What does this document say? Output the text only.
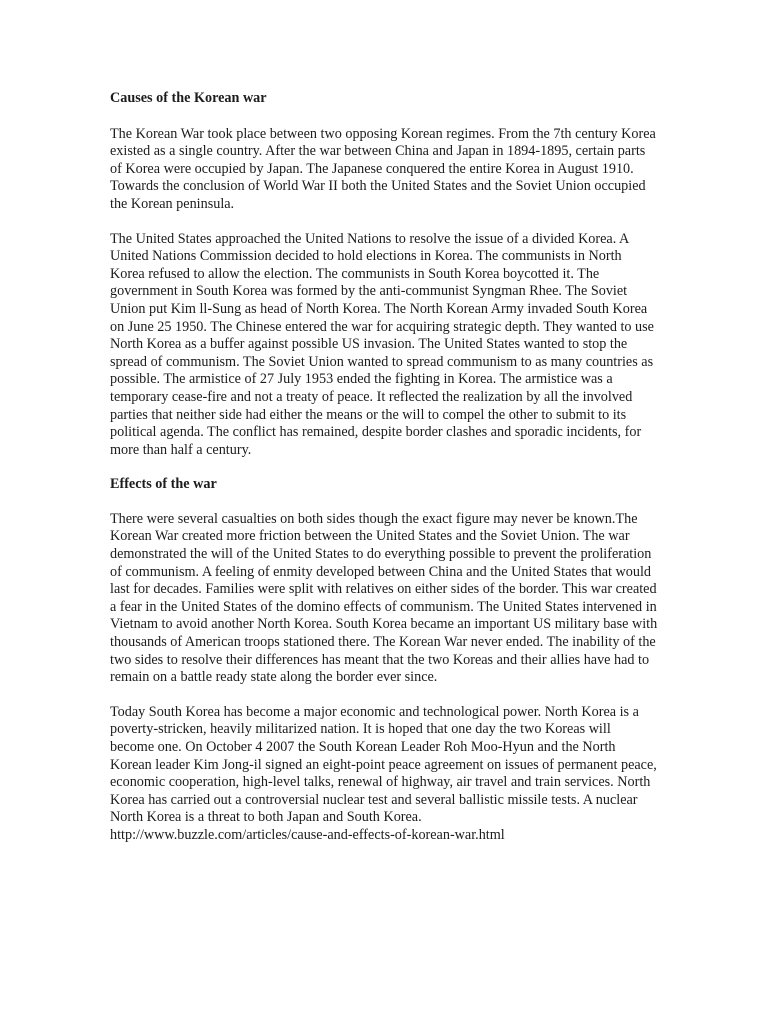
Causes of the Korean war

The Korean War took place between two opposing Korean regimes. From the 7th century Korea existed as a single country. After the war between China and Japan in 1894-1895, certain parts of Korea were occupied by Japan. The Japanese conquered the entire Korea in August 1910. Towards the conclusion of World War II both the United States and the Soviet Union occupied the Korean peninsula.

The United States approached the United Nations to resolve the issue of a divided Korea. A United Nations Commission decided to hold elections in Korea. The communists in North Korea refused to allow the election. The communists in South Korea boycotted it. The government in South Korea was formed by the anti-communist Syngman Rhee. The Soviet Union put Kim ll-Sung as head of North Korea. The North Korean Army invaded South Korea on June 25 1950. The Chinese entered the war for acquiring strategic depth. They wanted to use North Korea as a buffer against possible US invasion. The United States wanted to stop the spread of communism. The Soviet Union wanted to spread communism to as many countries as possible. The armistice of 27 July 1953 ended the fighting in Korea. The armistice was a temporary cease-fire and not a treaty of peace. It reflected the realization by all the involved parties that neither side had either the means or the will to compel the other to submit to its political agenda. The conflict has remained, despite border clashes and sporadic incidents, for more than half a century.

Effects of the war

There were several casualties on both sides though the exact figure may never be known.The Korean War created more friction between the United States and the Soviet Union. The war demonstrated the will of the United States to do everything possible to prevent the proliferation of communism. A feeling of enmity developed between China and the United States that would last for decades. Families were split with relatives on either sides of the border. This war created a fear in the United States of the domino effects of communism. The United States intervened in Vietnam to avoid another North Korea. South Korea became an important US military base with thousands of American troops stationed there. The Korean War never ended. The inability of the two sides to resolve their differences has meant that the two Koreas and their allies have had to remain on a battle ready state along the border ever since.

Today South Korea has become a major economic and technological power. North Korea is a poverty-stricken, heavily militarized nation. It is hoped that one day the two Koreas will become one. On October 4 2007 the South Korean Leader Roh Moo-Hyun and the North Korean leader Kim Jong-il signed an eight-point peace agreement on issues of permanent peace, economic cooperation, high-level talks, renewal of highway, air travel and train services. North Korea has carried out a controversial nuclear test and several ballistic missile tests. A nuclear North Korea is a threat to both Japan and South Korea.

http://www.buzzle.com/articles/cause-and-effects-of-korean-war.html
